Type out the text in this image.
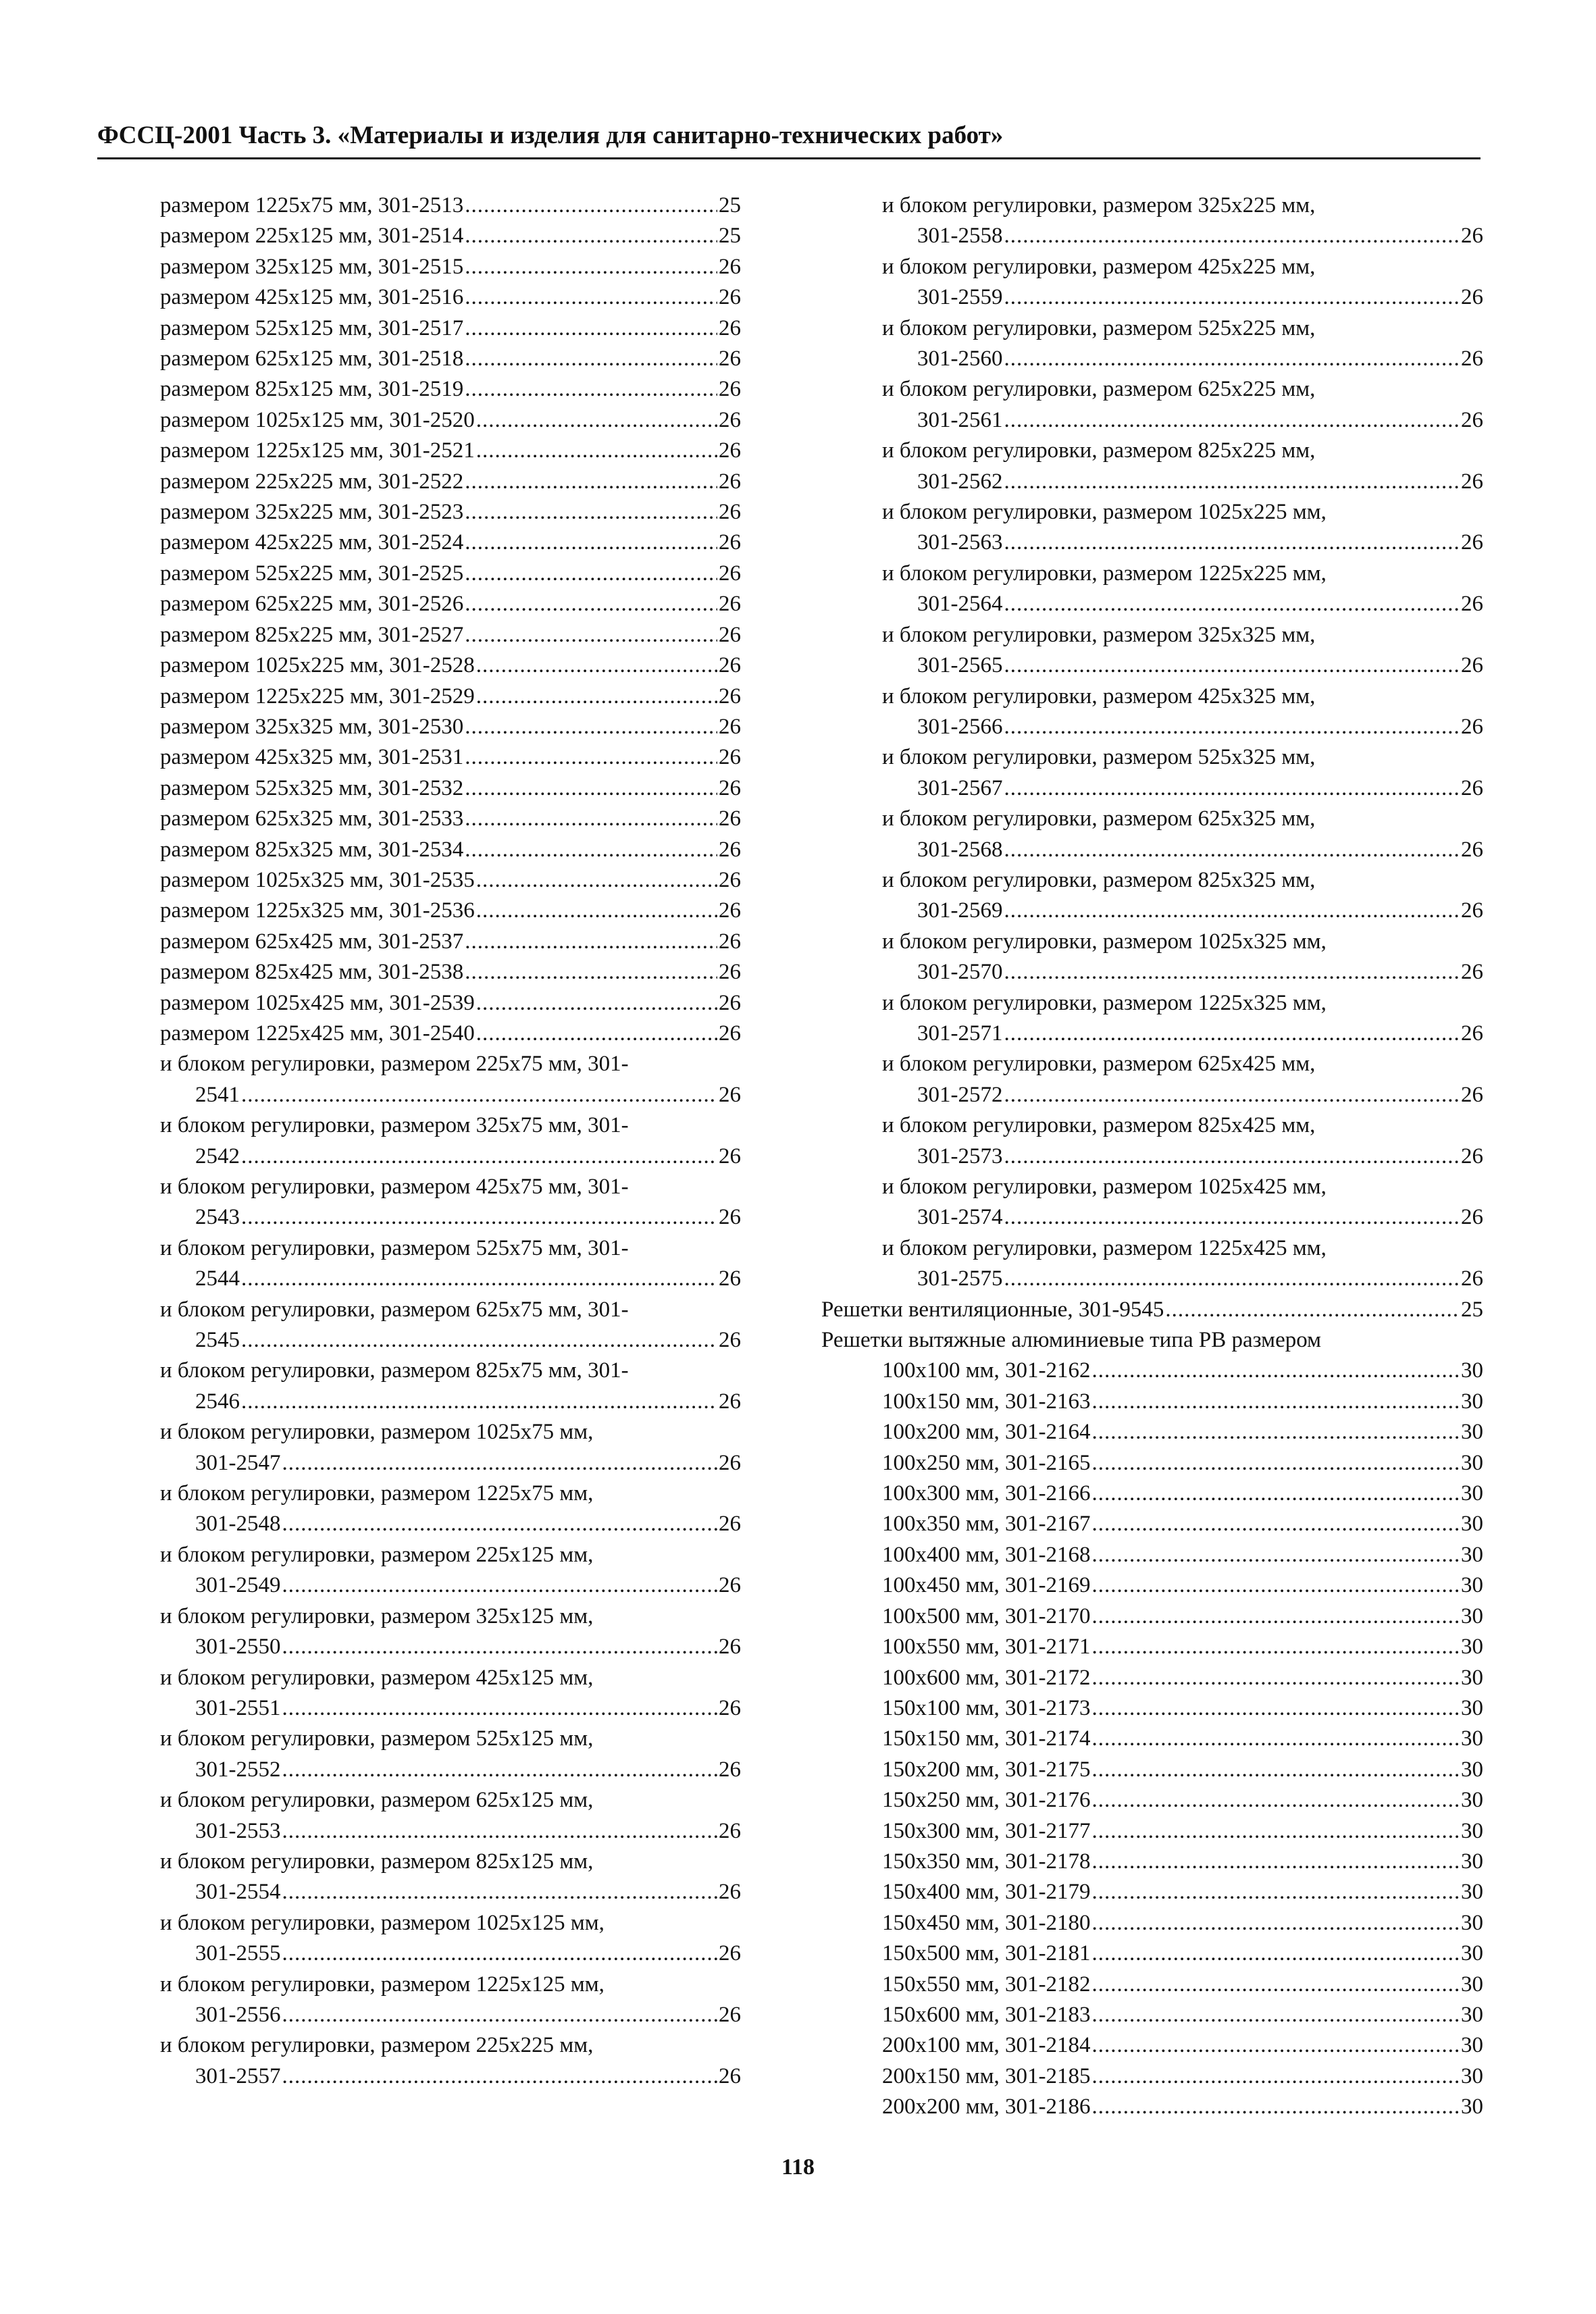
ФССЦ-2001 Часть 3. «Материалы и изделия для санитарно-технических работ»
размером 1225х75 мм, 301-2513 .....	25
размером 225х125 мм, 301-2514 .....	25
размером 325х125 мм, 301-2515 .....	26
размером 425х125 мм, 301-2516 .....	26
размером 525х125 мм, 301-2517 .....	26
размером 625х125 мм, 301-2518 .....	26
размером 825х125 мм, 301-2519 .....	26
размером 1025х125 мм, 301-2520 .....	26
размером 1225х125 мм, 301-2521 .....	26
размером 225х225 мм, 301-2522 .....	26
размером 325х225 мм, 301-2523 .....	26
размером 425х225 мм, 301-2524 .....	26
размером 525х225 мм, 301-2525 .....	26
размером 625х225 мм, 301-2526 .....	26
размером 825х225 мм, 301-2527 .....	26
размером 1025х225 мм, 301-2528 .....	26
размером 1225х225 мм, 301-2529 .....	26
размером 325х325 мм, 301-2530 .....	26
размером 425х325 мм, 301-2531 .....	26
размером 525х325 мм, 301-2532 .....	26
размером 625х325 мм, 301-2533 .....	26
размером 825х325 мм, 301-2534 .....	26
размером 1025х325 мм, 301-2535 .....	26
размером 1225х325 мм, 301-2536 .....	26
размером 625х425 мм, 301-2537 .....	26
размером 825х425 мм, 301-2538 .....	26
размером 1025х425 мм, 301-2539 .....	26
размером 1225х425 мм, 301-2540 .....	26
и блоком регулировки, размером 225х75 мм, 301-
2541 .....	26
и блоком регулировки, размером 325х75 мм, 301-
2542 .....	26
и блоком регулировки, размером 425х75 мм, 301-
2543 .....	26
и блоком регулировки, размером 525х75 мм, 301-
2544 .....	26
и блоком регулировки, размером 625х75 мм, 301-
2545 .....	26
и блоком регулировки, размером 825х75 мм, 301-
2546 .....	26
и блоком регулировки, размером 1025х75 мм,
301-2547 .....	26
и блоком регулировки, размером 1225х75 мм,
301-2548 .....	26
и блоком регулировки, размером 225х125 мм,
301-2549 .....	26
и блоком регулировки, размером 325х125 мм,
301-2550 .....	26
и блоком регулировки, размером 425х125 мм,
301-2551 .....	26
и блоком регулировки, размером 525х125 мм,
301-2552 .....	26
и блоком регулировки, размером 625х125 мм,
301-2553 .....	26
и блоком регулировки, размером 825х125 мм,
301-2554 .....	26
и блоком регулировки, размером 1025х125 мм,
301-2555 .....	26
и блоком регулировки, размером 1225х125 мм,
301-2556 .....	26
и блоком регулировки, размером 225х225 мм,
301-2557 .....	26
и блоком регулировки, размером 325х225 мм,
301-2558 .....	26
и блоком регулировки, размером 425х225 мм,
301-2559 .....	26
и блоком регулировки, размером 525х225 мм,
301-2560 .....	26
и блоком регулировки, размером 625х225 мм,
301-2561 .....	26
и блоком регулировки, размером 825х225 мм,
301-2562 .....	26
и блоком регулировки, размером 1025х225 мм,
301-2563 .....	26
и блоком регулировки, размером 1225х225 мм,
301-2564 .....	26
и блоком регулировки, размером 325х325 мм,
301-2565 .....	26
и блоком регулировки, размером 425х325 мм,
301-2566 .....	26
и блоком регулировки, размером 525х325 мм,
301-2567 .....	26
и блоком регулировки, размером 625х325 мм,
301-2568 .....	26
и блоком регулировки, размером 825х325 мм,
301-2569 .....	26
и блоком регулировки, размером 1025х325 мм,
301-2570 .....	26
и блоком регулировки, размером 1225х325 мм,
301-2571 .....	26
и блоком регулировки, размером 625х425 мм,
301-2572 .....	26
и блоком регулировки, размером 825х425 мм,
301-2573 .....	26
и блоком регулировки, размером 1025х425 мм,
301-2574 .....	26
и блоком регулировки, размером 1225х425 мм,
301-2575 .....	26
Решетки вентиляционные, 301-9545 .....	25
Решетки вытяжные алюминиевые типа РВ размером
100х100 мм, 301-2162 .....	30
100х150 мм, 301-2163 .....	30
100х200 мм, 301-2164 .....	30
100х250 мм, 301-2165 .....	30
100х300 мм, 301-2166 .....	30
100х350 мм, 301-2167 .....	30
100х400 мм, 301-2168 .....	30
100х450 мм, 301-2169 .....	30
100х500 мм, 301-2170 .....	30
100х550 мм, 301-2171 .....	30
100х600 мм, 301-2172 .....	30
150х100 мм, 301-2173 .....	30
150х150 мм, 301-2174 .....	30
150х200 мм, 301-2175 .....	30
150х250 мм, 301-2176 .....	30
150х300 мм, 301-2177 .....	30
150х350 мм, 301-2178 .....	30
150х400 мм, 301-2179 .....	30
150х450 мм, 301-2180 .....	30
150х500 мм, 301-2181 .....	30
150х550 мм, 301-2182 .....	30
150х600 мм, 301-2183 .....	30
200х100 мм, 301-2184 .....	30
200х150 мм, 301-2185 .....	30
200х200 мм, 301-2186 .....	30
118
